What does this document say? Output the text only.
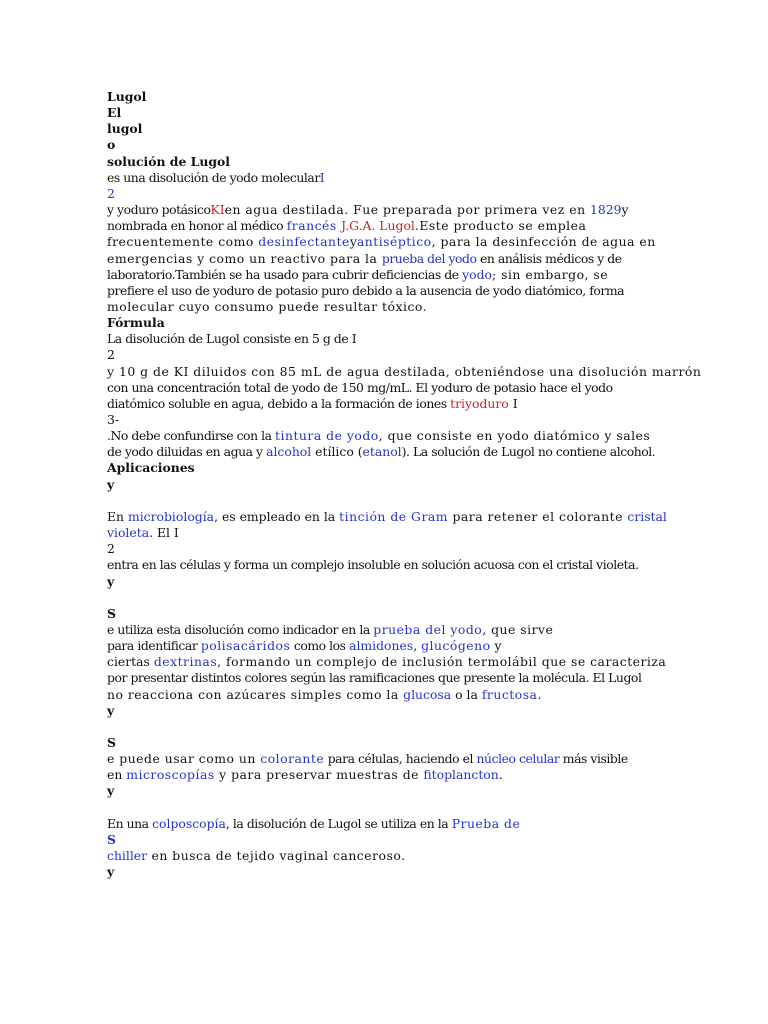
Lugol
El
lugol
o
solución de Lugol
es una disolución de yodo molecularI
2
y yoduro potásicoKIen agua destilada. Fue preparada por primera vez en 1829y
nombrada en honor al médico francés J.G.A. Lugol.Este producto se emplea
frecuentemente como desinfectanteyantiséptico, para la desinfección de agua en
emergencias y como un reactivo para la prueba del yodo en análisis médicos y de
laboratorio.También se ha usado para cubrir deficiencias de yodo; sin embargo, se
prefiere el uso de yoduro de potasio puro debido a la ausencia de yodo diatómico, forma
molecular cuyo consumo puede resultar tóxico.
Fórmula
La disolución de Lugol consiste en 5 g de I
2
y 10 g de KI diluidos con 85 mL de agua destilada, obteniéndose una disolución marrón
con una concentración total de yodo de 150 mg/mL. El yoduro de potasio hace el yodo
diatómico soluble en agua, debido a la formación de iones triyoduro I
3-
.No debe confundirse con la tintura de yodo, que consiste en yodo diatómico y sales
de yodo diluidas en agua y alcohol etílico (etanol). La solución de Lugol no contiene alcohol.
Aplicaciones
y
En microbiología, es empleado en la tinción de Gram para retener el colorante cristal
violeta. El I
2
entra en las células y forma un complejo insoluble en solución acuosa con el cristal violeta.
y
S
e utiliza esta disolución como indicador en la prueba del yodo, que sirve
para identificar polisacáridos como los almidones, glucógeno y
ciertas dextrinas, formando un complejo de inclusión termolábil que se caracteriza
por presentar distintos colores según las ramificaciones que presente la molécula. El Lugol
no reacciona con azúcares simples como la glucosa o la fructosa.
y
S
e puede usar como un colorante para células, haciendo el núcleo celular más visible
en microscopías y para preservar muestras de fitoplancton.
y
En una colposcopía, la disolución de Lugol se utiliza en la Prueba de
S
chiller en busca de tejido vaginal canceroso.
y
